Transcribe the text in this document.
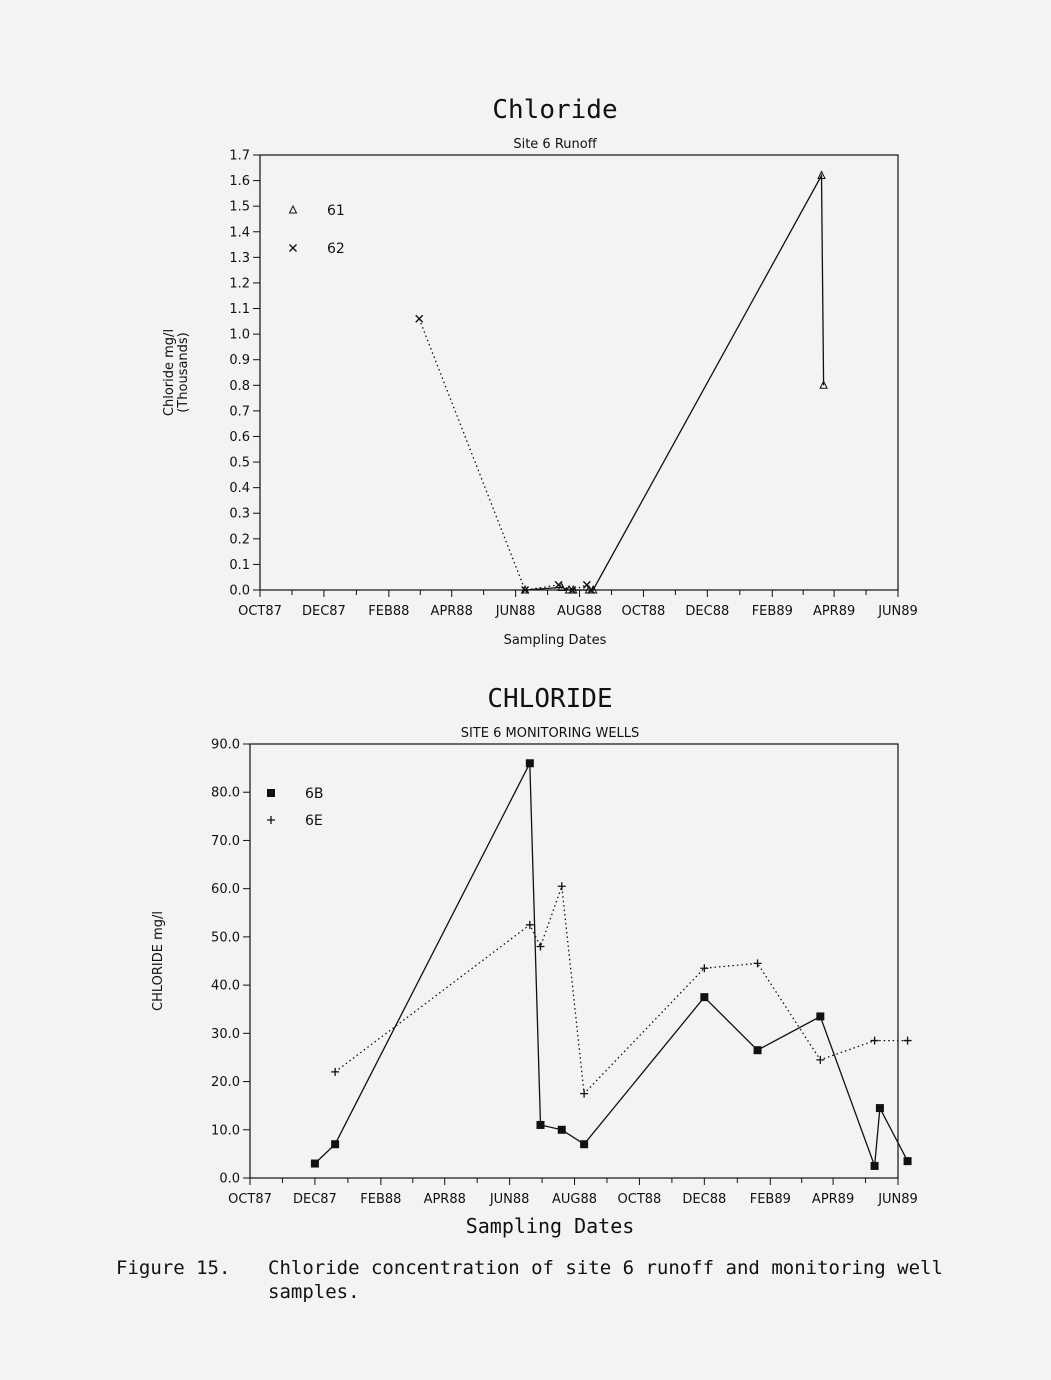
Chloride
Site 6 Runoff
0.0
0.1
0.2
0.3
0.4
0.5
0.6
0.7
0.8
0.9
1.0
1.1
1.2
1.3
1.4
1.5
1.6
1.7
OCT87 DEC87 FEB88 APR88 JUN88 AUG88 OCT88 DEC88 FEB89 APR89 JUN89
Sampling Dates
Chloride mg/l (Thousands)
61
62
CHLORIDE
SITE 6 MONITORING WELLS
0.0
10.0
20.0
30.0
40.0
50.0
60.0
70.0
80.0
90.0
OCT87 DEC87 FEB88 APR88 JUN88 AUG88 OCT88 DEC88 FEB89 APR89 JUN89
Sampling Dates
CHLORIDE mg/l
6B
6E
Figure 15. Chloride concentration of site 6 runoff and monitoring well samples.
